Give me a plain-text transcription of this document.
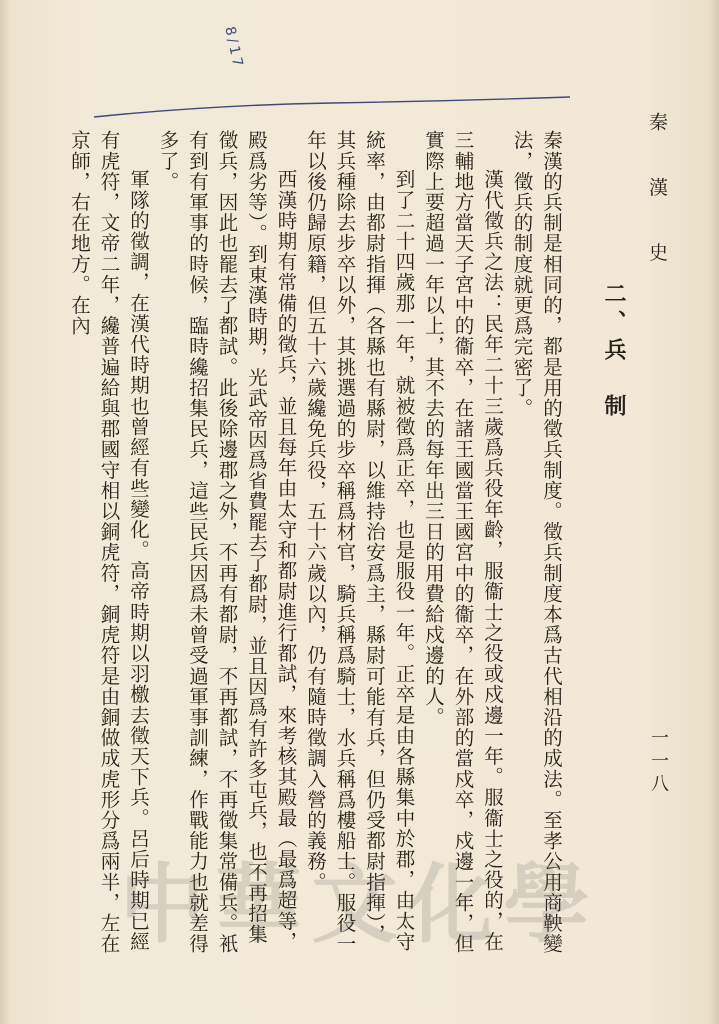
秦 漢 史
一一八
二、兵　制
8/17

秦漢的兵制是相同的，都是用的徵兵制度。徵兵制度本爲古代相沿的成法。至孝公用商鞅變法，徵兵的制度就更爲完密了。

漢代徵兵之法：民年二十三歲爲兵役年齡，服衞士之役或戍邊一年。服衞士之役的，在三輔地方當天子宮中的衞卒，在諸王國當王國宮中的衞卒，在外部的當戍卒，戍邊一年，但實際上要超過一年以上，其不去的每年出三日的用費給戍邊的人。

到了二十四歲那一年，就被徵爲正卒，也是服役一年。正卒是由各縣集中於郡，由太守統率，由都尉指揮（各縣也有縣尉，以維持治安爲主，縣尉可能有兵，但仍受都尉指揮），其兵種除去步卒以外，其挑選過的步卒稱爲材官，騎兵稱爲騎士，水兵稱爲樓船士。服役一年以後仍歸原籍，但五十六歲纔免兵役，五十六歲以內，仍有隨時徵調入營的義務。

西漢時期有常備的徵兵，並且每年由太守和都尉進行都試，來考核其殿最（最爲超等，殿爲劣等）。到東漢時期，光武帝因爲省費罷去了都尉，並且因爲有許多屯兵，也不再招集徵兵，因此也罷去了都試。此後除邊郡之外，不再有都尉，不再都試，不再徵集常備兵。衹有到有軍事的時候，臨時纔招集民兵，這些民兵因爲未曾受過軍事訓練，作戰能力也就差得多了。

軍隊的徵調，在漢代時期也曾經有些變化。高帝時期以羽檄去徵天下兵。呂后時期已經有虎符，文帝二年，纔普遍給與郡國守相以銅虎符，銅虎符是由銅做成虎形分爲兩半，左在京師，右在地方。在內

中華文化學
